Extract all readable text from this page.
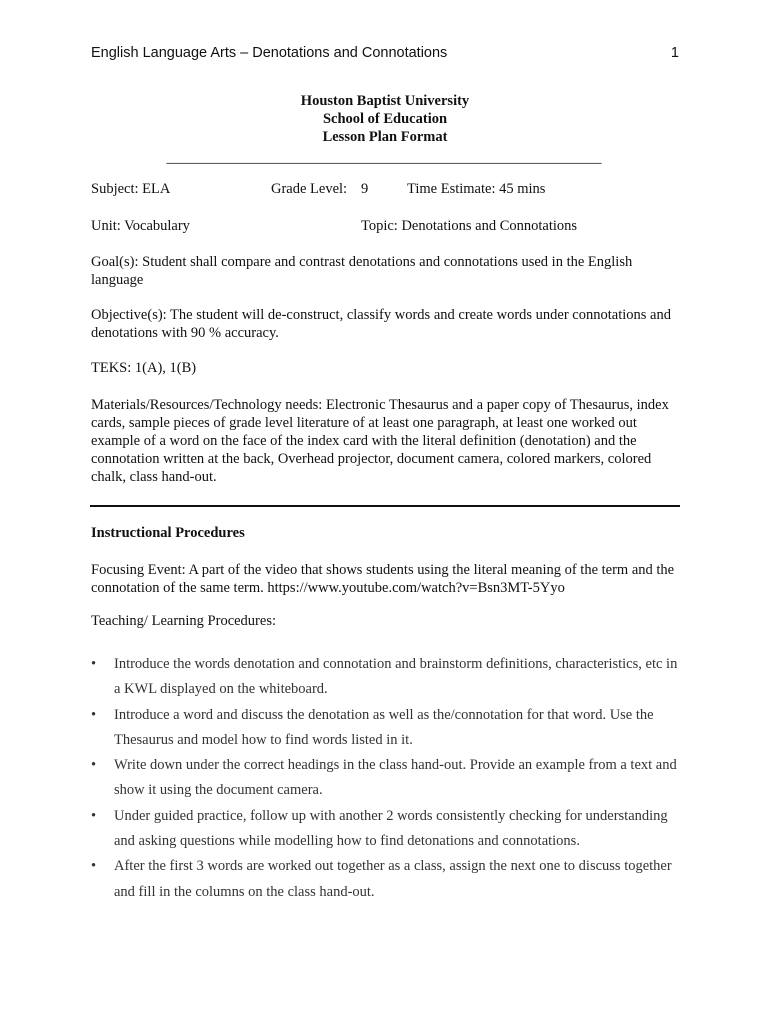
English Language Arts – Denotations and Connotations	1
Houston Baptist University
School of Education
Lesson Plan Format
____________________________________________________________
Subject: ELA	Grade Level: 9	Time Estimate: 45 mins
Unit: Vocabulary	Topic: Denotations and Connotations
Goal(s): Student shall compare and contrast denotations and connotations used in the English language
Objective(s): The student will de-construct, classify words and create words under connotations and denotations with 90 % accuracy.
TEKS: 1(A), 1(B)
Materials/Resources/Technology needs: Electronic Thesaurus and a paper copy of Thesaurus, index cards, sample pieces of grade level literature of at least one paragraph, at least one worked out example of a word on the face of the index card with the literal definition (denotation) and the connotation written at the back, Overhead projector, document camera, colored markers, colored chalk, class hand-out.
Instructional Procedures
Focusing Event: A part of the video that shows students using the literal meaning of the term and the connotation of the same term. https://www.youtube.com/watch?v=Bsn3MT-5Yyo
Teaching/ Learning Procedures:
• Introduce the words denotation and connotation and brainstorm definitions, characteristics, etc in a KWL displayed on the whiteboard.
• Introduce a word and discuss the denotation as well as the/connotation for that word. Use the Thesaurus and model how to find words listed in it.
• Write down under the correct headings in the class hand-out. Provide an example from a text and show it using the document camera.
• Under guided practice, follow up with another 2 words consistently checking for understanding and asking questions while modelling how to find detonations and connotations.
• After the first 3 words are worked out together as a class, assign the next one to discuss together and fill in the columns on the class hand-out.
